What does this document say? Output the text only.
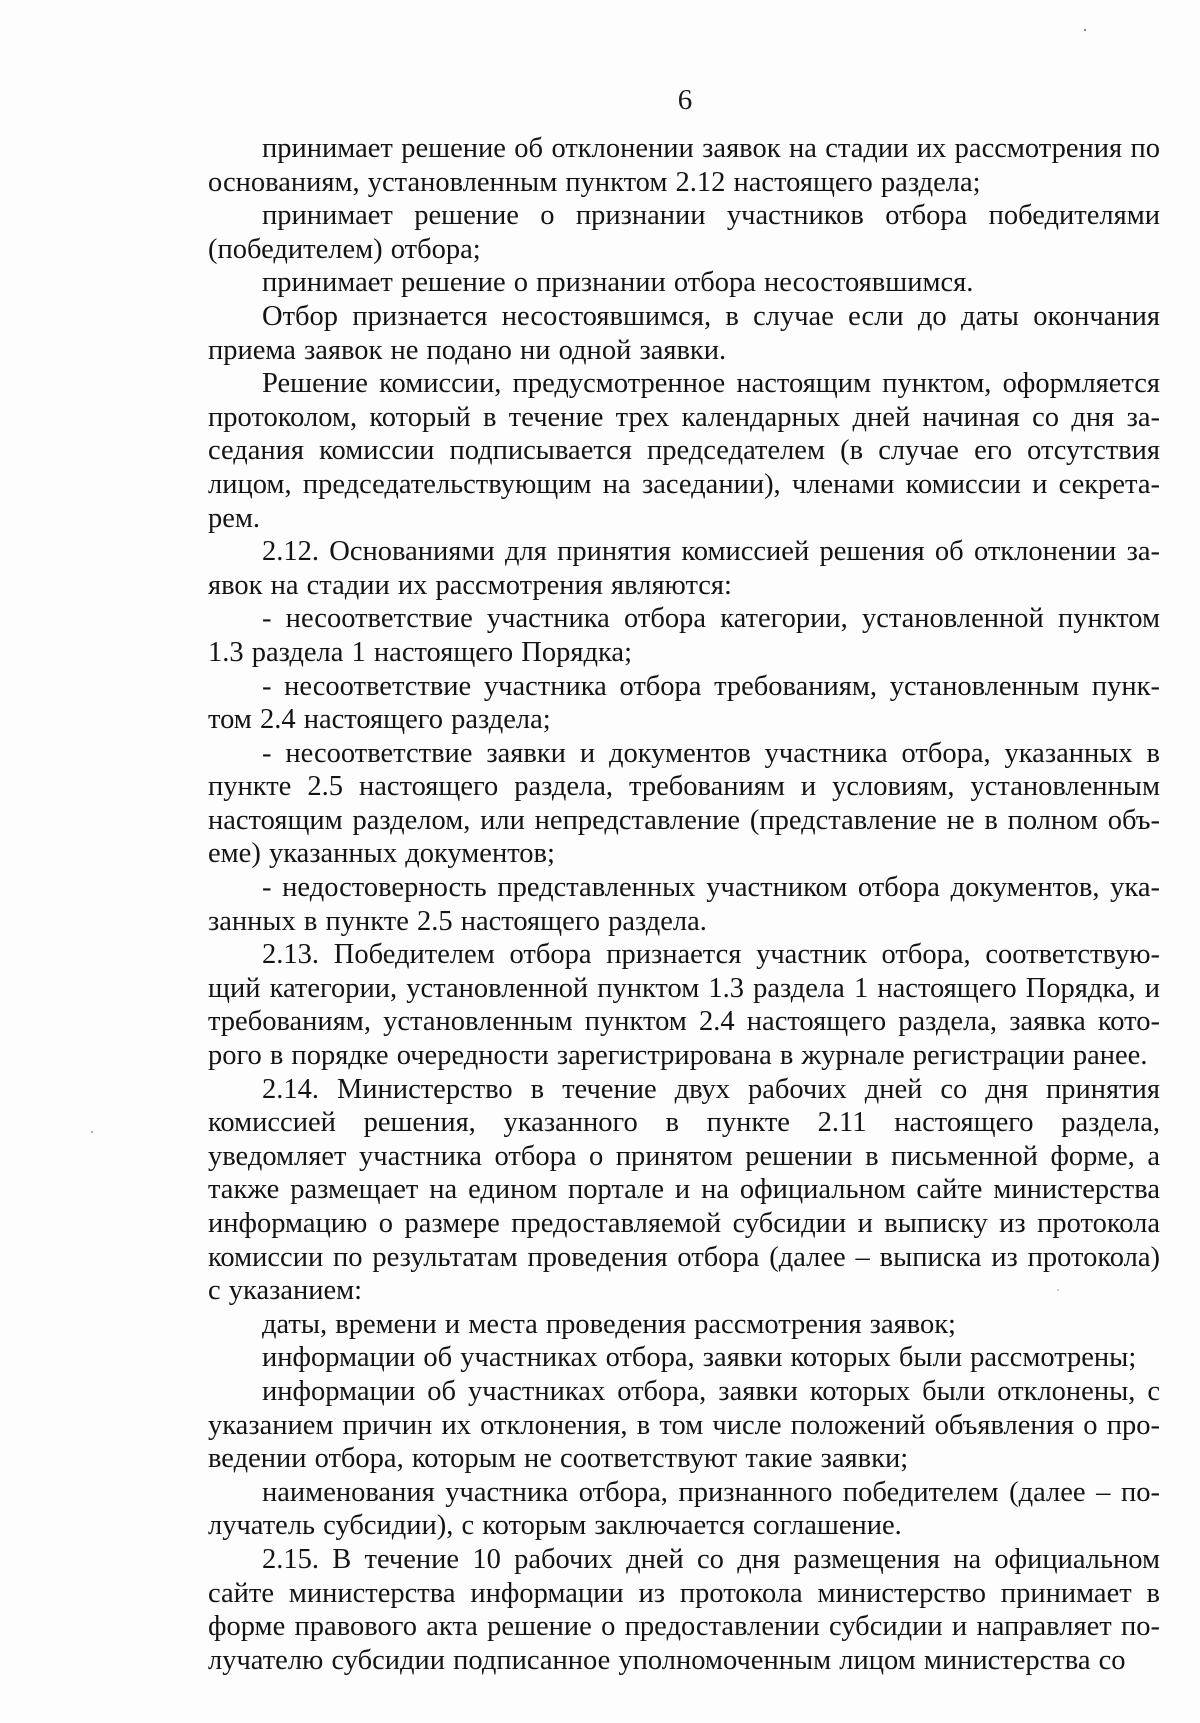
6

принимает решение об отклонении заявок на стадии их рассмотрения по основаниям, установленным пунктом 2.12 настоящего раздела;

принимает решение о признании участников отбора победителями (победителем) отбора;

принимает решение о признании отбора несостоявшимся.

Отбор признается несостоявшимся, в случае если до даты окончания приема заявок не подано ни одной заявки.

Решение комиссии, предусмотренное настоящим пунктом, оформляется протоколом, который в течение трех календарных дней начиная со дня заседания комиссии подписывается председателем (в случае его отсутствия лицом, председательствующим на заседании), членами комиссии и секретарем.

2.12. Основаниями для принятия комиссией решения об отклонении заявок на стадии их рассмотрения являются:

- несоответствие участника отбора категории, установленной пунктом 1.3 раздела 1 настоящего Порядка;

- несоответствие участника отбора требованиям, установленным пунктом 2.4 настоящего раздела;

- несоответствие заявки и документов участника отбора, указанных в пункте 2.5 настоящего раздела, требованиям и условиям, установленным настоящим разделом, или непредставление (представление не в полном объеме) указанных документов;

- недостоверность представленных участником отбора документов, указанных в пункте 2.5 настоящего раздела.

2.13. Победителем отбора признается участник отбора, соответствующий категории, установленной пунктом 1.3 раздела 1 настоящего Порядка, и требованиям, установленным пунктом 2.4 настоящего раздела, заявка которого в порядке очередности зарегистрирована в журнале регистрации ранее.

2.14. Министерство в течение двух рабочих дней со дня принятия комиссией решения, указанного в пункте 2.11 настоящего раздела, уведомляет участника отбора о принятом решении в письменной форме, а также размещает на едином портале и на официальном сайте министерства информацию о размере предоставляемой субсидии и выписку из протокола комиссии по результатам проведения отбора (далее – выписка из протокола) с указанием:

даты, времени и места проведения рассмотрения заявок;

информации об участниках отбора, заявки которых были рассмотрены;

информации об участниках отбора, заявки которых были отклонены, с указанием причин их отклонения, в том числе положений объявления о проведении отбора, которым не соответствуют такие заявки;

наименования участника отбора, признанного победителем (далее – получатель субсидии), с которым заключается соглашение.

2.15. В течение 10 рабочих дней со дня размещения на официальном сайте министерства информации из протокола министерство принимает в форме правового акта решение о предоставлении субсидии и направляет получателю субсидии подписанное уполномоченным лицом министерства со
